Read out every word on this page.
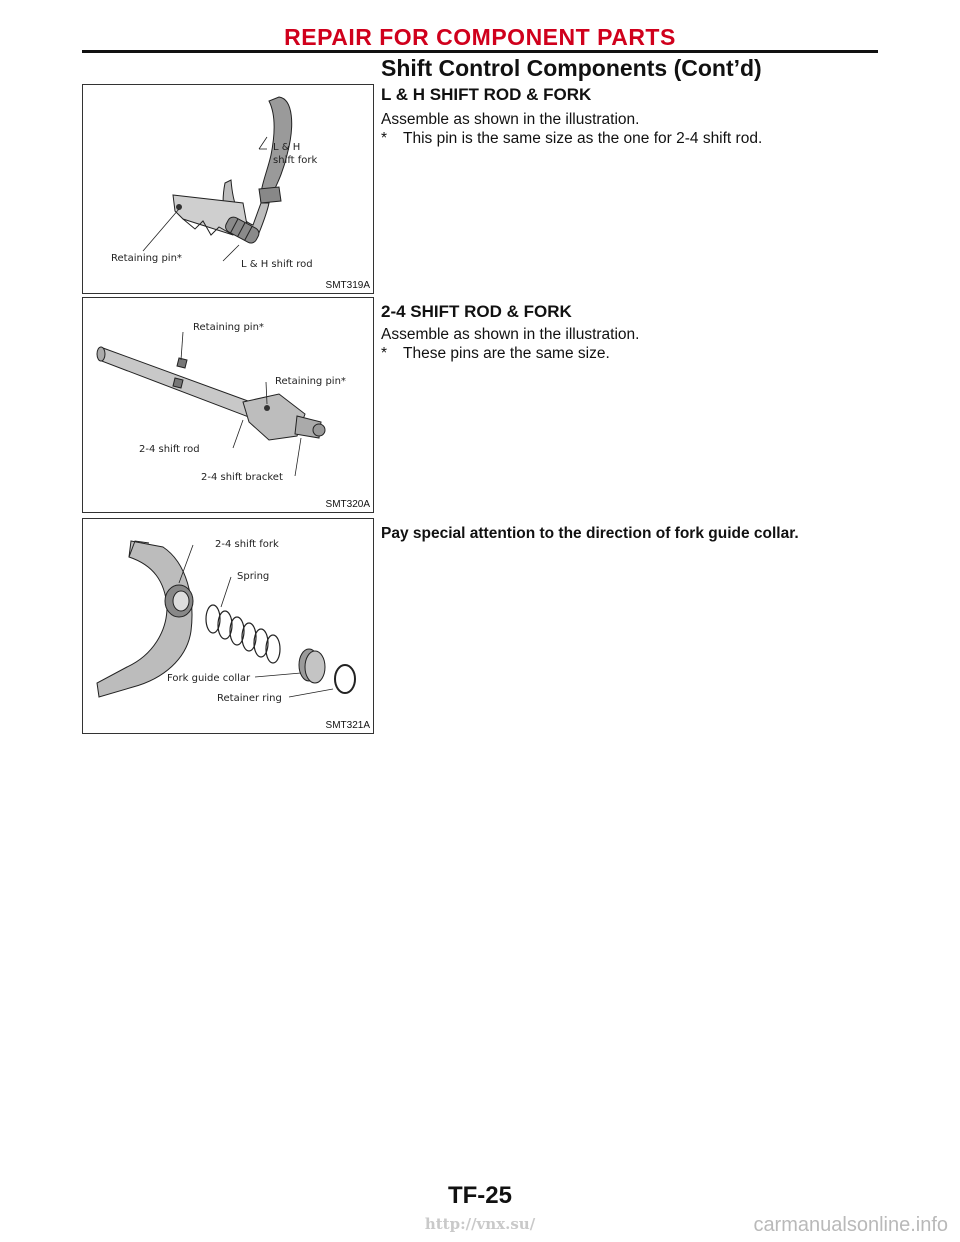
REPAIR FOR COMPONENT PARTS
Shift Control Components (Cont’d)
L & H
shift fork
Retaining pin*
L & H shift rod
SMT319A
L & H SHIFT ROD & FORK
Assemble as shown in the illustration.
* This pin is the same size as the one for 2-4 shift rod.
Retaining pin*
Retaining pin*
2-4 shift rod
2-4 shift bracket
SMT320A
2-4 SHIFT ROD & FORK
Assemble as shown in the illustration.
* These pins are the same size.
2-4 shift fork
Spring
Fork guide collar
Retainer ring
SMT321A
Pay special attention to the direction of fork guide collar.
TF-25
http://vnx.su/	carmanualsonline.info
